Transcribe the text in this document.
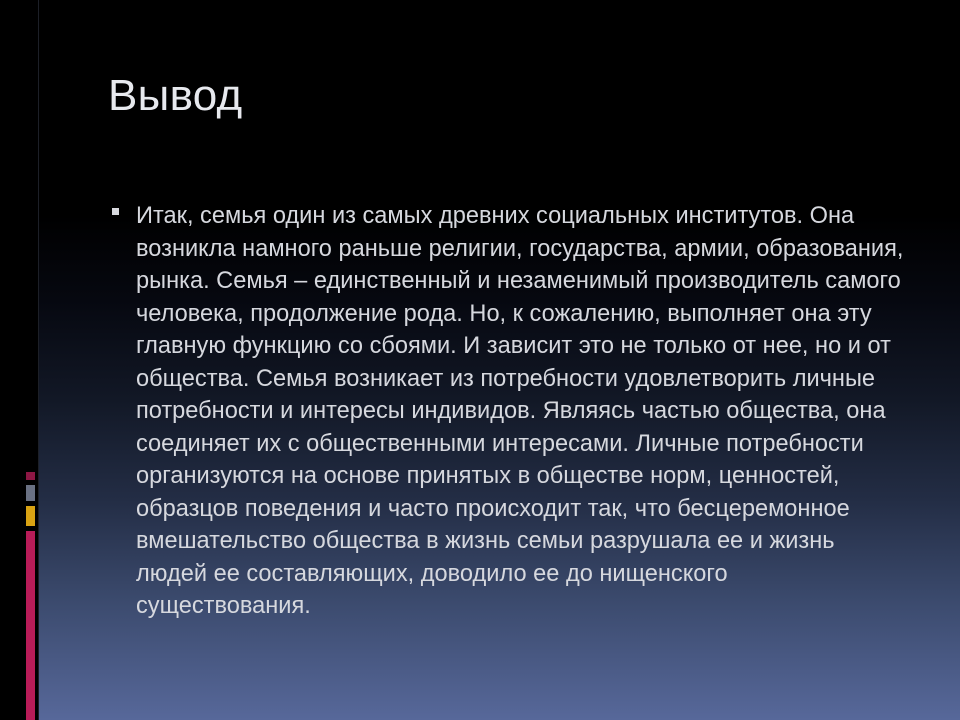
Вывод

Итак, семья один из самых древних социальных институтов. Она возникла намного раньше религии, государства, армии, образования, рынка. Семья – единственный и незаменимый производитель самого человека, продолжение рода. Но, к сожалению, выполняет она эту главную функцию со сбоями. И зависит это не только от нее, но и от общества. Семья возникает из потребности удовлетворить личные потребности и интересы индивидов. Являясь частью общества, она соединяет их с общественными интересами. Личные потребности организуются на основе принятых в обществе норм, ценностей, образцов поведения и часто происходит так, что бесцеремонное вмешательство общества в жизнь семьи разрушала ее и жизнь людей ее составляющих, доводило ее до нищенского существования.
